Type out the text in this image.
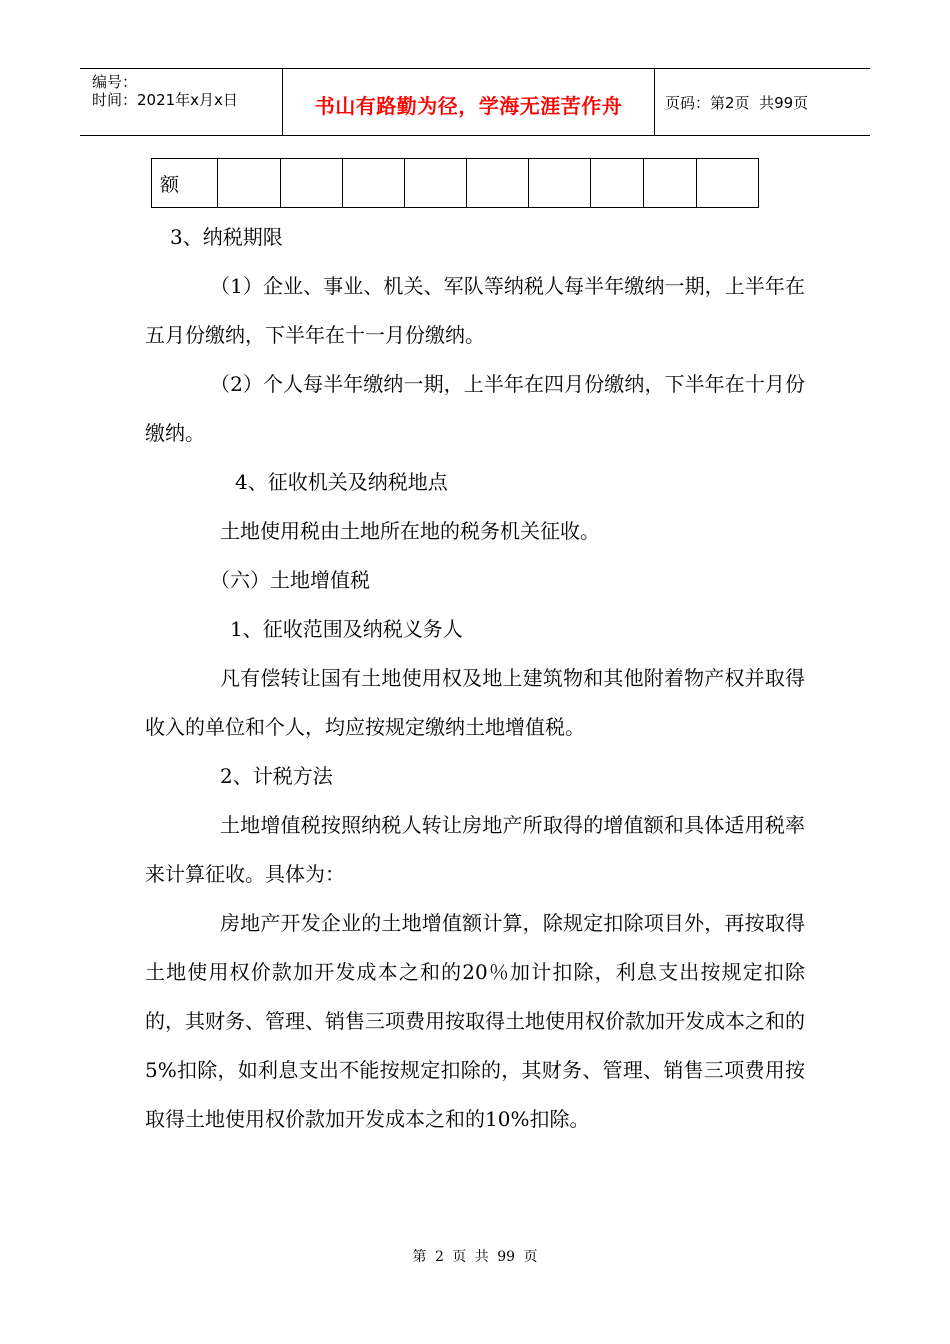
编号：
时间：2021年x月x日	书山有路勤为径，学海无涯苦作舟	页码：第2页  共99页
额									

3、纳税期限

（1）企业、事业、机关、军队等纳税人每半年缴纳一期，上半年在五月份缴纳，下半年在十一月份缴纳。

（2）个人每半年缴纳一期，上半年在四月份缴纳，下半年在十月份缴纳。

4、征收机关及纳税地点

土地使用税由土地所在地的税务机关征收。

（六）土地增值税

1、征收范围及纳税义务人

凡有偿转让国有土地使用权及地上建筑物和其他附着物产权并取得收入的单位和个人，均应按规定缴纳土地增值税。

2、计税方法

土地增值税按照纳税人转让房地产所取得的增值额和具体适用税率来计算征收。具体为：

房地产开发企业的土地增值额计算，除规定扣除项目外，再按取得土地使用权价款加开发成本之和的20％加计扣除，利息支出按规定扣除的，其财务、管理、销售三项费用按取得土地使用权价款加开发成本之和的5%扣除，如利息支出不能按规定扣除的，其财务、管理、销售三项费用按取得土地使用权价款加开发成本之和的10%扣除。

第 2 页 共 99 页
